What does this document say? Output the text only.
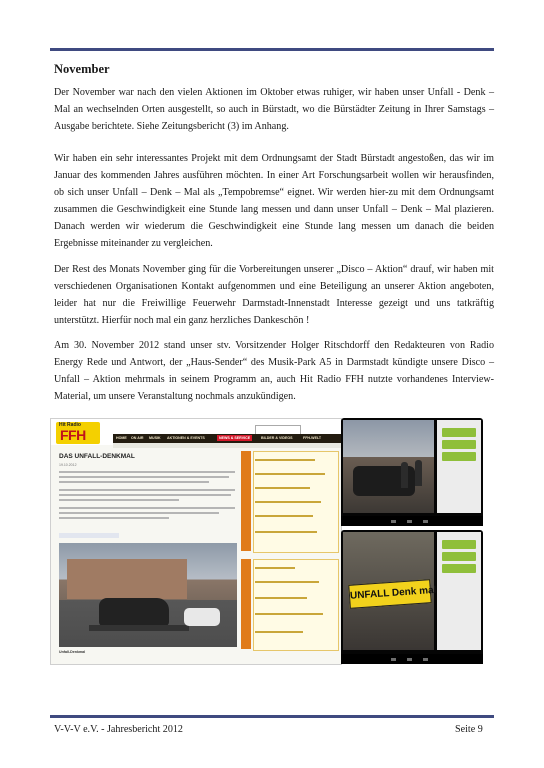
November

Der November war nach den vielen Aktionen im Oktober etwas ruhiger, wir haben unser Unfall - Denk – Mal an wechselnden Orten ausgestellt, so auch in Bürstadt, wo die Bürstädter Zeitung in Ihrer Samstags – Ausgabe berichtete. Siehe Zeitungsbericht (3) im Anhang.

Wir haben ein sehr interessantes Projekt mit dem Ordnungsamt der Stadt Bürstadt angestoßen, das wir im Januar des kommenden Jahres ausführen möchten. In einer Art Forschungsarbeit wollen wir herausfinden, ob sich unser Unfall – Denk – Mal als „Tempobremse“ eignet. Wir werden hier-zu mit dem Ordnungsamt zusammen die Geschwindigkeit eine Stunde lang messen und dann unser Unfall – Denk – Mal plazieren. Danach werden wir wiederum die Geschwindigkeit eine Stunde lang messen um danach die beiden Ergebnisse miteinander zu vergleichen.

Der Rest des Monats November ging für die Vorbereitungen unserer „Disco – Aktion“ drauf, wir haben mit verschiedenen Organisationen Kontakt aufgenommen und eine Beteiligung an unserer Aktion angeboten, leider hat nur die Freiwillige Feuerwehr Darmstadt-Innenstadt Interesse gezeigt und uns tatkräftig unterstützt. Hierfür noch mal ein ganz herzliches Dankeschön !

Am 30. November 2012 stand unser stv. Vorsitzender Holger Ritschdorff den Redakteuren von Radio Energy Rede und Antwort, der „Haus-Sender“ des Musik-Park A5 in Darmstadt kündigte unsere Disco – Unfall – Aktion mehrmals in seinem Programm an, auch Hit Radio FFH nutzte vorhandenes Interview-Material, um unsere Veranstaltung nochmals anzukündigen.

Hit Radio
FFH	HOME ON AIR MUSIK AKTIONEN & EVENTS	NEWS & SERVICE	BILDER & VIDEOS	FFH-WELT
DAS UNFALL-DENKMAL
19.10.2012
Unfall-Denkmal
UNFALL Denk mal
V-V-V e.V. - Jahresbericht 2012	Seite 9
